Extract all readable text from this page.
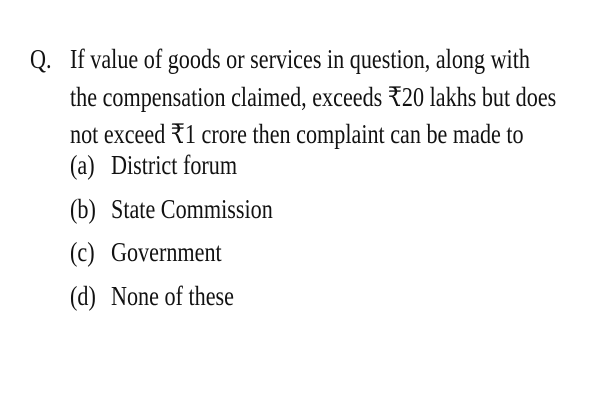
Q. If value of goods or services in question, along with
the compensation claimed, exceeds ₹20 lakhs but does
not exceed ₹1 crore then complaint can be made to
(a) District forum
(b) State Commission
(c) Government
(d) None of these
